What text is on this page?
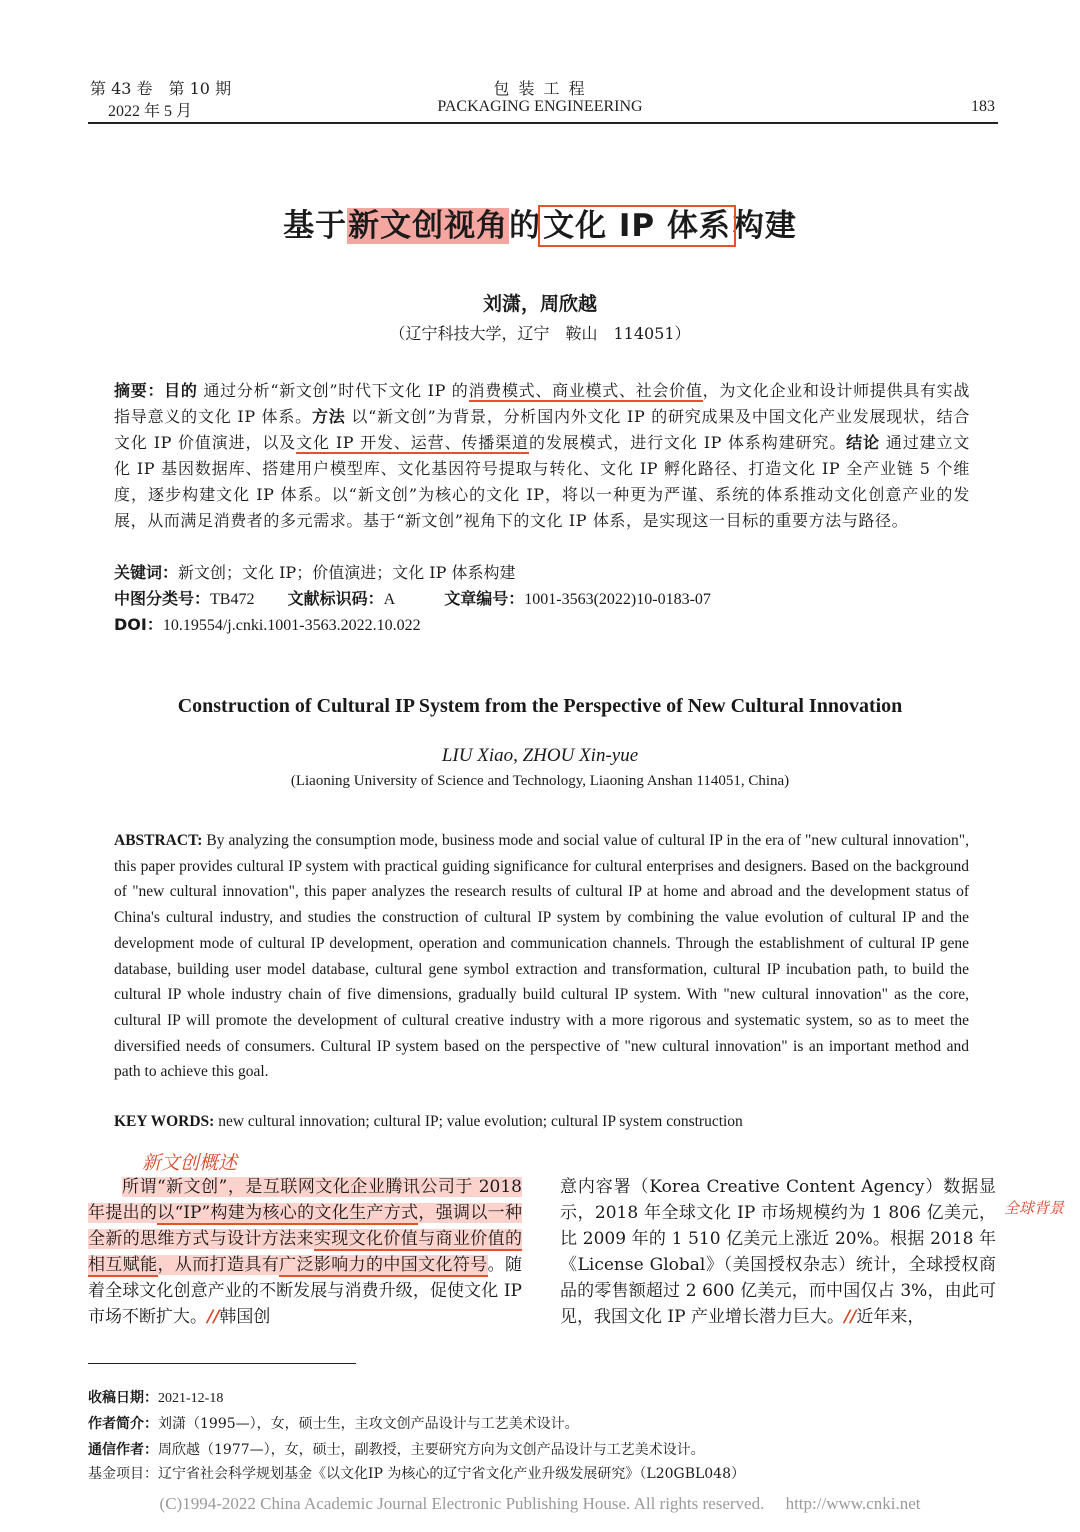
第 43 卷　第 10 期
2022 年 5 月
包 装 工 程
PACKAGING ENGINEERING	183
基于新文创视角的文化 IP 体系构建
刘潇，周欣越
（辽宁科技大学，辽宁　鞍山　114051）
摘要：目的 通过分析“新文创”时代下文化 IP 的消费模式、商业模式、社会价值，为文化企业和设计师提供具有实战指导意义的文化 IP 体系。方法 以“新文创”为背景，分析国内外文化 IP 的研究成果及中国文化产业发展现状，结合文化 IP 价值演进，以及文化 IP 开发、运营、传播渠道的发展模式，进行文化 IP 体系构建研究。结论 通过建立文化 IP 基因数据库、搭建用户模型库、文化基因符号提取与转化、文化 IP 孵化路径、打造文化 IP 全产业链 5 个维度，逐步构建文化 IP 体系。以“新文创”为核心的文化 IP，将以一种更为严谨、系统的体系推动文化创意产业的发展，从而满足消费者的多元需求。基于“新文创”视角下的文化 IP 体系，是实现这一目标的重要方法与路径。
关键词：新文创；文化 IP；价值演进；文化 IP 体系构建
中图分类号：TB472 文献标识码：A	文章编号：1001-3563(2022)10-0183-07
DOI：10.19554/j.cnki.1001-3563.2022.10.022
Construction of Cultural IP System from the Perspective of New Cultural Innovation
LIU Xiao, ZHOU Xin-yue
(Liaoning University of Science and Technology, Liaoning Anshan 114051, China)
ABSTRACT: By analyzing the consumption mode, business mode and social value of cultural IP in the era of "new cultural innovation", this paper provides cultural IP system with practical guiding significance for cultural enterprises and designers. Based on the background of "new cultural innovation", this paper analyzes the research results of cultural IP at home and abroad and the development status of China's cultural industry, and studies the construction of cultural IP system by combining the value evolution of cultural IP and the development mode of cultural IP development, operation and communication channels. Through the establishment of cultural IP gene database, building user model database, cultural gene symbol extraction and transformation, cultural IP incubation path, to build the cultural IP whole industry chain of five dimensions, gradually build cultural IP system. With "new cultural innovation" as the core, cultural IP will promote the development of cultural creative industry with a more rigorous and systematic system, so as to meet the diversified needs of consumers. Cultural IP system based on the perspective of "new cultural innovation" is an important method and path to achieve this goal.
KEY WORDS: new cultural innovation; cultural IP; value evolution; cultural IP system construction
新文创概述
全球背景
所谓“新文创”，是互联网文化企业腾讯公司于 2018 年提出的以“IP”构建为核心的文化生产方式，强调以一种全新的思维方式与设计方法来实现文化价值与商业价值的相互赋能，从而打造具有广泛影响力的中国文化符号。随着全球文化创意产业的不断发展与消费升级，促使文化 IP 市场不断扩大。//韩国创
意内容署（Korea Creative Content Agency）数据显示，2018 年全球文化 IP 市场规模约为 1 806 亿美元，比 2009 年的 1 510 亿美元上涨近 20%。根据 2018 年《License Global》（美国授权杂志）统计，全球授权商品的零售额超过 2 600 亿美元，而中国仅占 3%，由此可见，我国文化 IP 产业增长潜力巨大。//近年来，
收稿日期：2021-12-18
作者简介：刘潇（1995—），女，硕士生，主攻文创产品设计与工艺美术设计。
通信作者：周欣越（1977—），女，硕士，副教授，主要研究方向为文创产品设计与工艺美术设计。
基金项目：辽宁省社会科学规划基金《以文化IP 为核心的辽宁省文化产业升级发展研究》（L20GBL048）
(C)1994-2022 China Academic Journal Electronic Publishing House. All rights reserved.　 http://www.cnki.net
